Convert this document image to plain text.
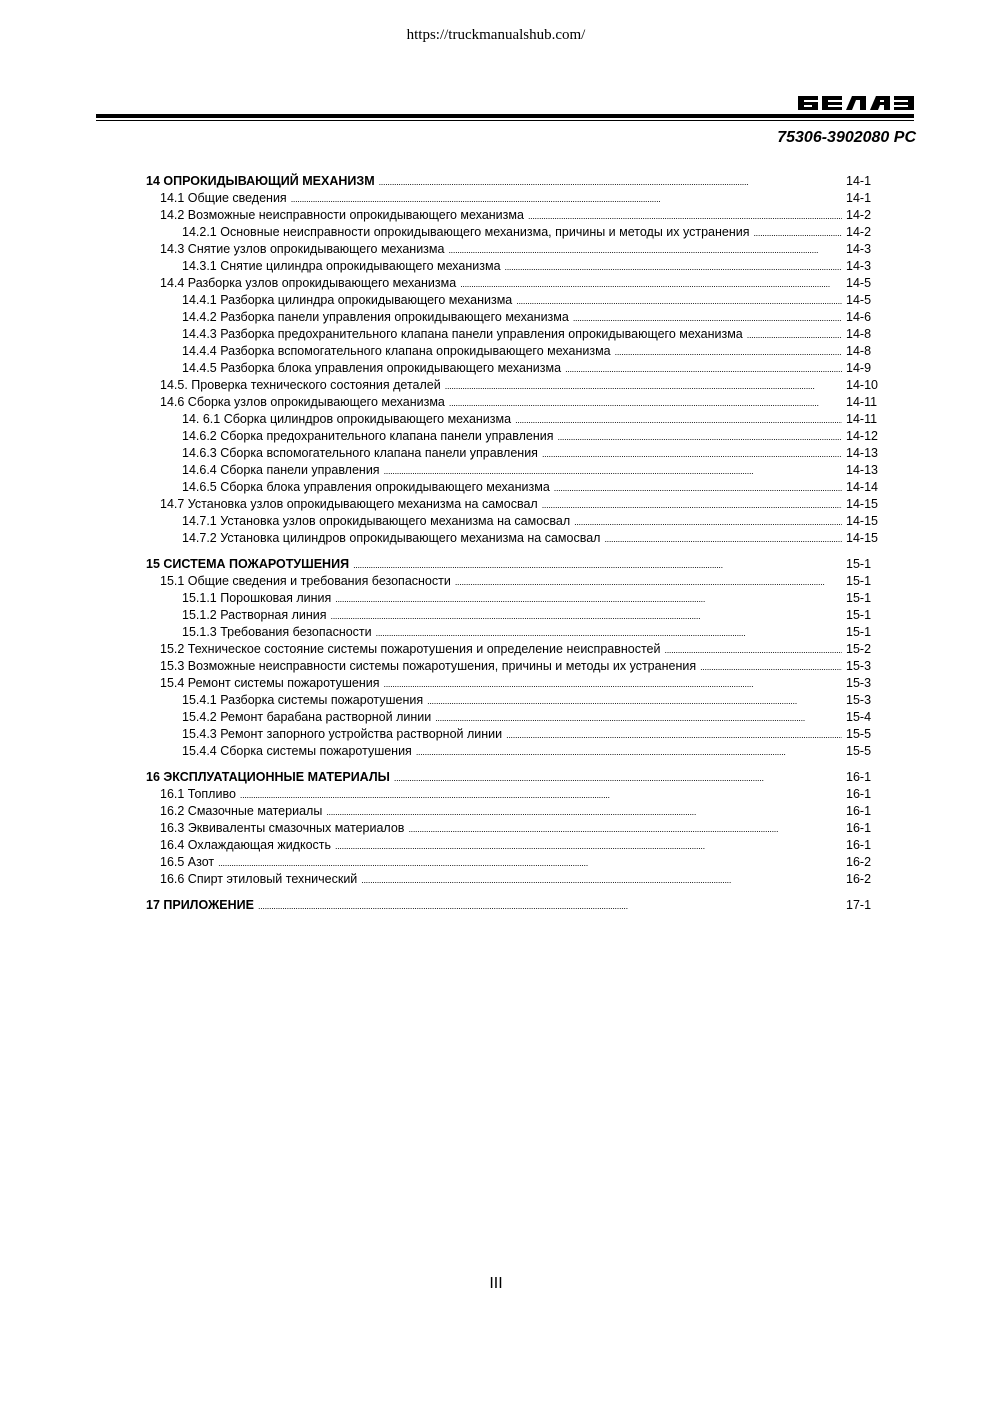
https://truckmanualshub.com/
75306-3902080 РС
14 ОПРОКИДЫВАЮЩИЙ МЕХАНИЗМ . . .	14-1
14.1 Общие сведения . . .	14-1
14.2 Возможные неисправности опрокидывающего механизма . . .	14-2
14.2.1 Основные неисправности опрокидывающего механизма, причины и методы их устранения . . .	14-2
14.3 Снятие узлов опрокидывающего механизма . . .	14-3
14.3.1 Снятие цилиндра опрокидывающего механизма . . .	14-3
14.4 Разборка узлов опрокидывающего механизма . . .	14-5
14.4.1 Разборка цилиндра опрокидывающего механизма . . .	14-5
14.4.2 Разборка панели управления опрокидывающего механизма . . .	14-6
14.4.3 Разборка предохранительного клапана панели управления опрокидывающего механизма . . .	14-8
14.4.4 Разборка вспомогательного клапана опрокидывающего механизма . . .	14-8
14.4.5 Разборка блока управления опрокидывающего механизма . . .	14-9
14.5. Проверка технического состояния деталей . . .	14-10
14.6 Сборка узлов опрокидывающего механизма . . .	14-11
14. 6.1 Сборка цилиндров опрокидывающего механизма . . .	14-11
14.6.2 Сборка предохранительного клапана панели управления . . .	14-12
14.6.3 Сборка вспомогательного клапана панели управления . . .	14-13
14.6.4 Сборка панели управления . . .	14-13
14.6.5 Сборка блока управления опрокидывающего механизма . . .	14-14
14.7 Установка узлов опрокидывающего механизма на самосвал . . .	14-15
14.7.1 Установка узлов опрокидывающего механизма на самосвал . . .	14-15
14.7.2 Установка цилиндров опрокидывающего механизма на самосвал . . .	14-15
15 СИСТЕМА ПОЖАРОТУШЕНИЯ . . .	15-1
15.1 Общие сведения и требования безопасности . . .	15-1
15.1.1 Порошковая линия . . .	15-1
15.1.2 Растворная линия . . .	15-1
15.1.3 Требования безопасности . . .	15-1
15.2 Техническое состояние системы пожаротушения и определение неисправностей . . .	15-2
15.3 Возможные неисправности системы пожаротушения, причины и методы их устранения . . .	15-3
15.4 Ремонт системы пожаротушения . . .	15-3
15.4.1 Разборка системы пожаротушения . . .	15-3
15.4.2 Ремонт барабана растворной линии . . .	15-4
15.4.3 Ремонт запорного устройства растворной линии . . .	15-5
15.4.4 Сборка системы пожаротушения . . .	15-5
16 ЭКСПЛУАТАЦИОННЫЕ МАТЕРИАЛЫ . . .	16-1
16.1 Топливо . . .	16-1
16.2 Смазочные материалы . . .	16-1
16.3 Эквиваленты смазочных материалов . . .	16-1
16.4 Охлаждающая жидкость . . .	16-1
16.5 Азот . . .	16-2
16.6 Спирт этиловый технический . . .	16-2
17 ПРИЛОЖЕНИЕ . . .	17-1
III
